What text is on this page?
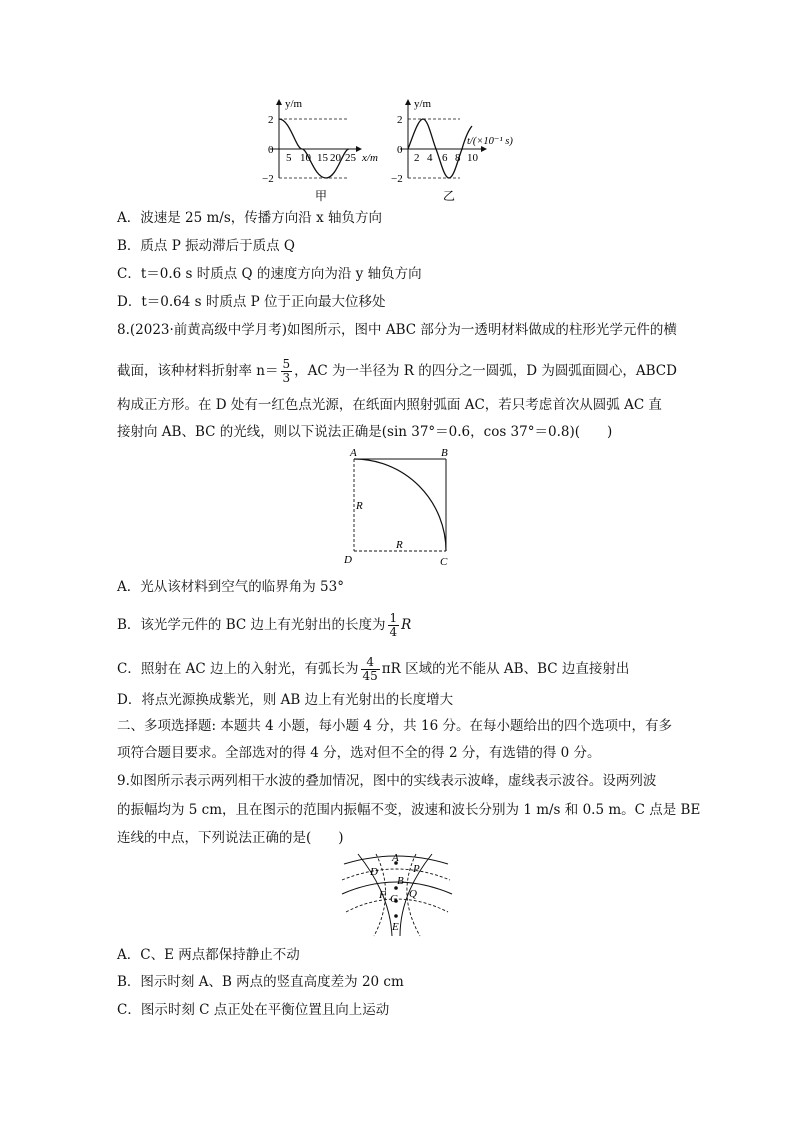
y/m
2
0
−2
5 10 15 20 25 x/m
甲
y/m
2
0
−2
2 4 6 8 10
t/(×10⁻¹ s)
乙
A．波速是 25 m/s，传播方向沿 x 轴负方向
B．质点 P 振动滞后于质点 Q
C．t＝0.6 s 时质点 Q 的速度方向为沿 y 轴负方向
D．t＝0.64 s 时质点 P 位于正向最大位移处
8.(2023·前黄高级中学月考)如图所示，图中 ABC 部分为一透明材料做成的柱形光学元件的横
截面，该种材料折射率 $n= \frac{5}{3}$ ，AC 为一半径为 R 的四分之一圆弧，D 为圆弧面圆心，ABCD
构成正方形。在 D 处有一红色点光源，在纸面内照射弧面 AC，若只考虑首次从圆弧 AC 直
接射向 AB、BC 的光线，则以下说法正确是(sin 37°＝0.6，cos 37°＝0.8)(　　)
A	B
C
D
R
R
A．光从该材料到空气的临界角为 53°
B．该光学元件的 BC 边上有光射出的长度为 $\frac{1}{4}$ R
C．照射在 AC 边上的入射光，有弧长为 $\frac{4}{45}$ πR 区域的光不能从 AB、BC 边直接射出
D．将点光源换成紫光，则 AB 边上有光射出的长度增大
二、多项选择题: 本题共 4 小题，每小题 4 分，共 16 分。在每小题给出的四个选项中，有多
项符合题目要求。全部选对的得 4 分，选对但不全的得 2 分，有选错的得 0 分。
9.如图所示表示两列相干水波的叠加情况，图中的实线表示波峰，虚线表示波谷。设两列波
的振幅均为 5 cm，且在图示的范围内振幅不变，波速和波长分别为 1 m/s 和 0.5 m。C 点是 BE
连线的中点，下列说法正确的是(　　)
A
P
D
B
F C Q
E
A．C、E 两点都保持静止不动
B．图示时刻 A、B 两点的竖直高度差为 20 cm
C．图示时刻 C 点正处在平衡位置且向上运动
